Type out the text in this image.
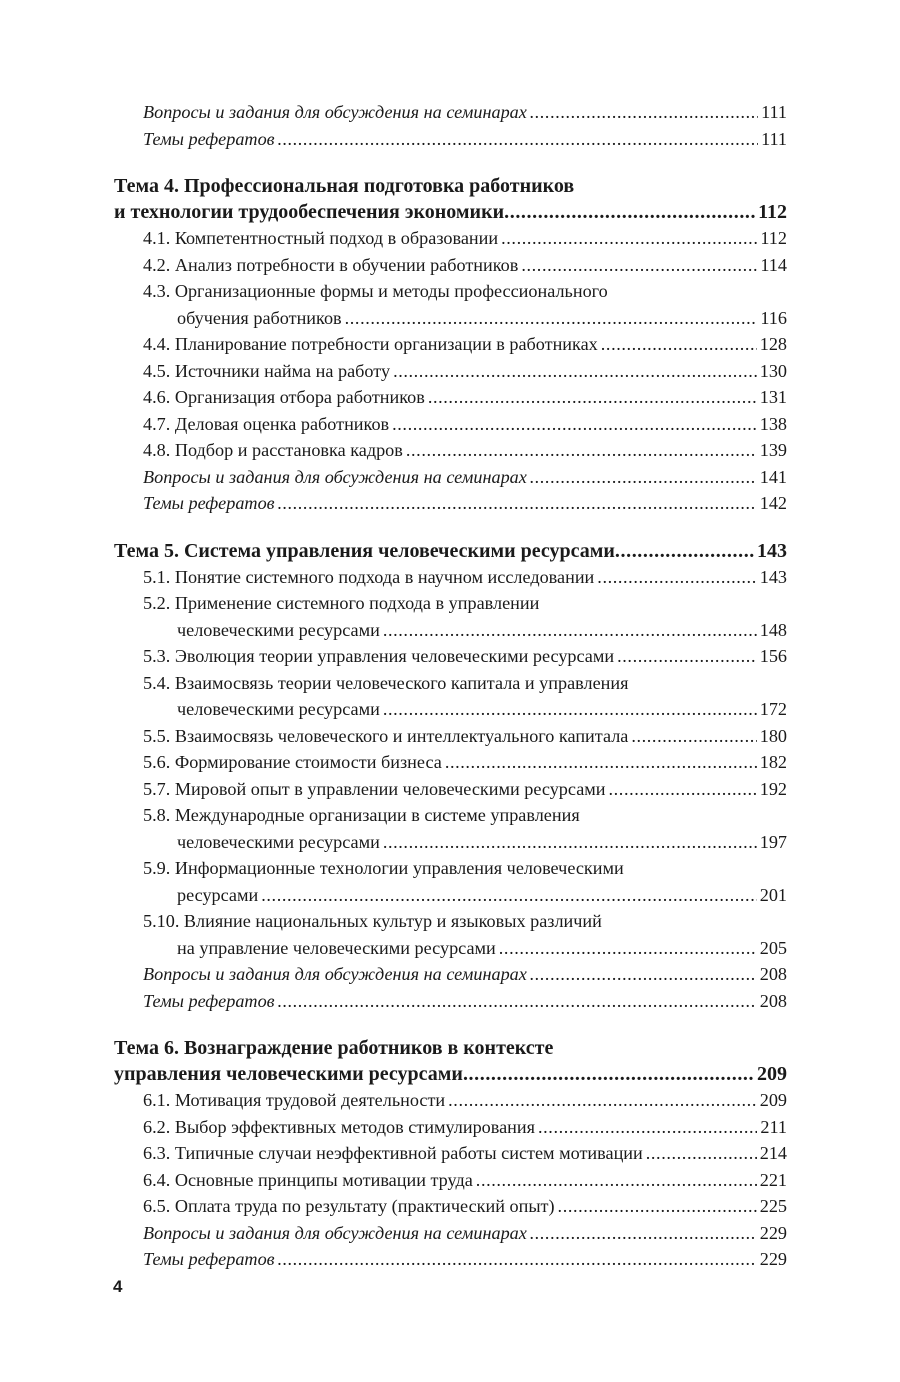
Вопросы и задания для обсуждения на семинарах .....	111
Темы рефератов .....	111
Тема 4. Профессиональная подготовка работников
и технологии трудообеспечения экономики .....	112
4.1. Компетентностный подход в образовании .....	112
4.2. Анализ потребности в обучении работников .....	114
4.3. Организационные формы и методы профессионального
обучения работников .....	116
4.4. Планирование потребности организации в работниках .....	128
4.5. Источники найма на работу .....	130
4.6. Организация отбора работников .....	131
4.7. Деловая оценка работников .....	138
4.8. Подбор и расстановка кадров .....	139
Вопросы и задания для обсуждения на семинарах .....	141
Темы рефератов .....	142
Тема 5. Система управления человеческими ресурсами .....	143
5.1. Понятие системного подхода в научном исследовании .....	143
5.2. Применение системного подхода в управлении
человеческими ресурсами .....	148
5.3. Эволюция теории управления человеческими ресурсами .....	156
5.4. Взаимосвязь теории человеческого капитала и управления
человеческими ресурсами .....	172
5.5. Взаимосвязь человеческого и интеллектуального капитала .....	180
5.6. Формирование стоимости бизнеса .....	182
5.7. Мировой опыт в управлении человеческими ресурсами .....	192
5.8. Международные организации в системе управления
человеческими ресурсами .....	197
5.9. Информационные технологии управления человеческими
ресурсами .....	201
5.10. Влияние национальных культур и языковых различий
на управление человеческими ресурсами .....	205
Вопросы и задания для обсуждения на семинарах .....	208
Темы рефератов .....	208
Тема 6. Вознаграждение работников в контексте
управления человеческими ресурсами .....	209
6.1. Мотивация трудовой деятельности .....	209
6.2. Выбор эффективных методов стимулирования .....	211
6.3. Типичные случаи неэффективной работы систем мотивации .....	214
6.4. Основные принципы мотивации труда .....	221
6.5. Оплата труда по результату (практический опыт) .....	225
Вопросы и задания для обсуждения на семинарах .....	229
Темы рефератов .....	229
4
